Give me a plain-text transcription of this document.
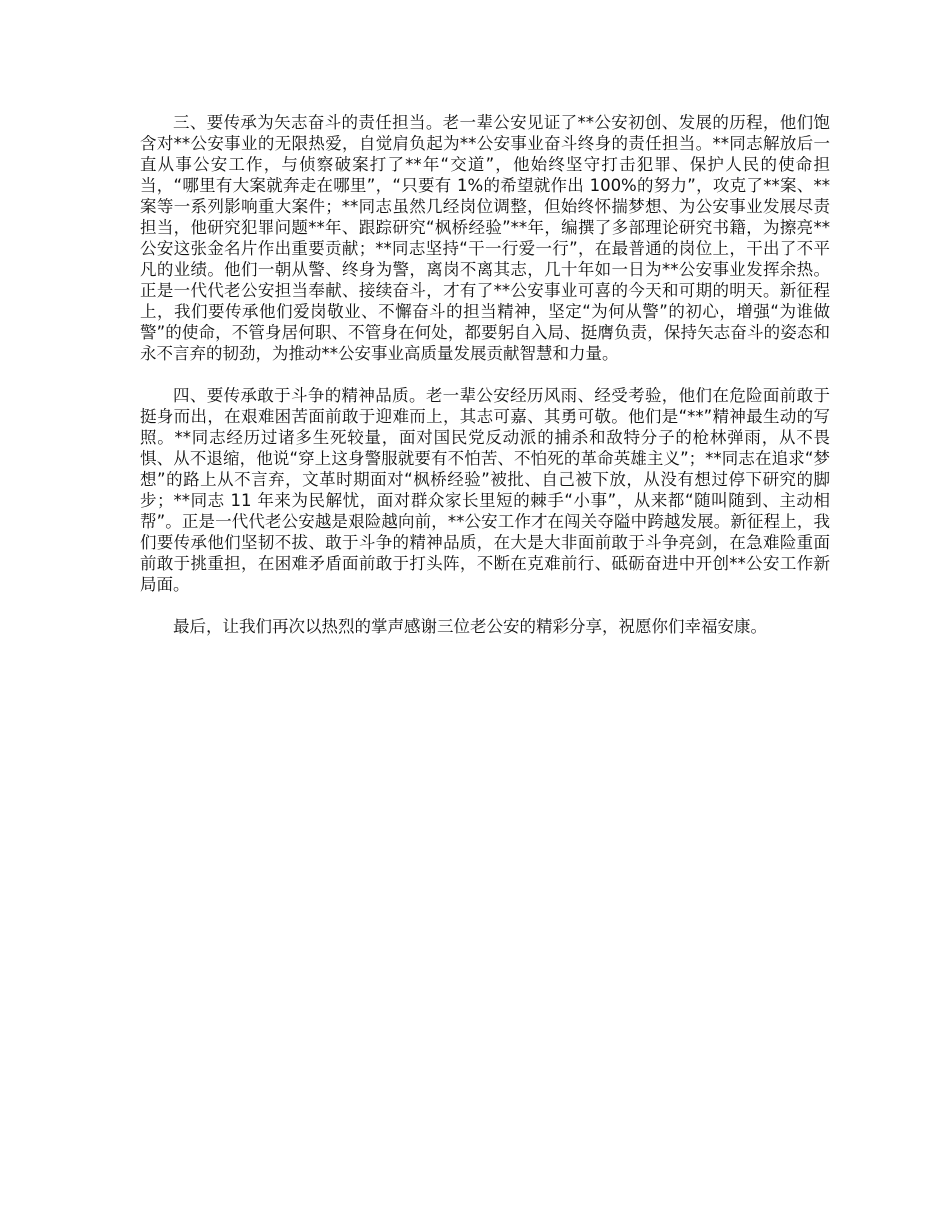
三、要传承为矢志奋斗的责任担当。老一辈公安见证了**公安初创、发展的历程，他们饱含对**公安事业的无限热爱，自觉肩负起为**公安事业奋斗终身的责任担当。**同志解放后一直从事公安工作，与侦察破案打了**年“交道”，他始终坚守打击犯罪、保护人民的使命担当，“哪里有大案就奔走在哪里”，“只要有 1%的希望就作出 100%的努力”，攻克了**案、**案等一系列影响重大案件；**同志虽然几经岗位调整，但始终怀揣梦想、为公安事业发展尽责担当，他研究犯罪问题**年、跟踪研究“枫桥经验”**年，编撰了多部理论研究书籍，为擦亮**公安这张金名片作出重要贡献；**同志坚持“干一行爱一行”，在最普通的岗位上，干出了不平凡的业绩。他们一朝从警、终身为警，离岗不离其志，几十年如一日为**公安事业发挥余热。正是一代代老公安担当奉献、接续奋斗，才有了**公安事业可喜的今天和可期的明天。新征程上，我们要传承他们爱岗敬业、不懈奋斗的担当精神，坚定“为何从警”的初心，增强“为谁做警”的使命，不管身居何职、不管身在何处，都要躬自入局、挺膺负责，保持矢志奋斗的姿态和永不言弃的韧劲，为推动**公安事业高质量发展贡献智慧和力量。

四、要传承敢于斗争的精神品质。老一辈公安经历风雨、经受考验，他们在危险面前敢于挺身而出，在艰难困苦面前敢于迎难而上，其志可嘉、其勇可敬。他们是“**”精神最生动的写照。**同志经历过诸多生死较量，面对国民党反动派的捕杀和敌特分子的枪林弹雨，从不畏惧、从不退缩，他说“穿上这身警服就要有不怕苦、不怕死的革命英雄主义”；**同志在追求“梦想”的路上从不言弃，文革时期面对“枫桥经验”被批、自己被下放，从没有想过停下研究的脚步；**同志 11 年来为民解忧，面对群众家长里短的棘手“小事”，从来都“随叫随到、主动相帮”。正是一代代老公安越是艰险越向前，**公安工作才在闯关夺隘中跨越发展。新征程上，我们要传承他们坚韧不拔、敢于斗争的精神品质，在大是大非面前敢于斗争亮剑，在急难险重面前敢于挑重担，在困难矛盾面前敢于打头阵，不断在克难前行、砥砺奋进中开创**公安工作新局面。

最后，让我们再次以热烈的掌声感谢三位老公安的精彩分享，祝愿你们幸福安康。
